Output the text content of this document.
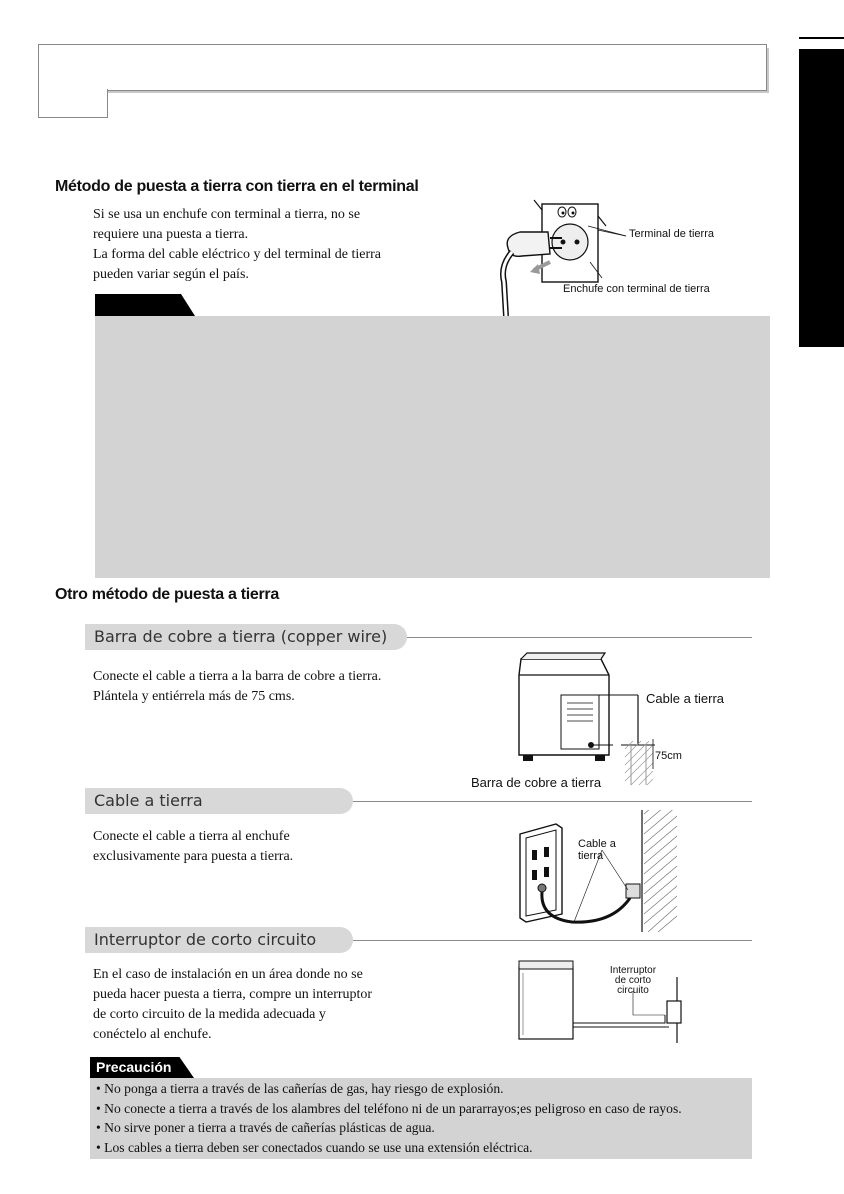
Método de puesta a tierra con tierra en el terminal
Si se usa un enchufe con terminal a tierra, no se
requiere una puesta a tierra.
La forma del cable eléctrico y del terminal de tierra
pueden variar según el país.
Terminal de tierra
Enchufe con terminal de tierra
Otro método de puesta a tierra
Barra de cobre a tierra (copper wire)
Conecte el cable a tierra a la barra de cobre a tierra.
Plántela y entiérrela más de 75 cms.	Cable a tierra
75cm
Barra de cobre a tierra
Cable a tierra
Conecte el cable a tierra al enchufe
exclusivamente para puesta a tierra.
Cable a
tierra
Interruptor de corto circuito
En el caso de instalación en un área donde no se
pueda hacer puesta a tierra, compre un interruptor
de corto circuito de la medida adecuada y
conéctelo al enchufe.
Interruptor
de corto
circuito
Precaución
• No ponga a tierra a través de las cañerías de gas, hay riesgo de explosión.
• No conecte a tierra a través de los alambres del teléfono ni de un pararrayos;es peligroso en caso de rayos.
• No sirve poner a tierra a través de cañerías plásticas de agua.
• Los cables a tierra deben ser conectados cuando se use una extensión eléctrica.
